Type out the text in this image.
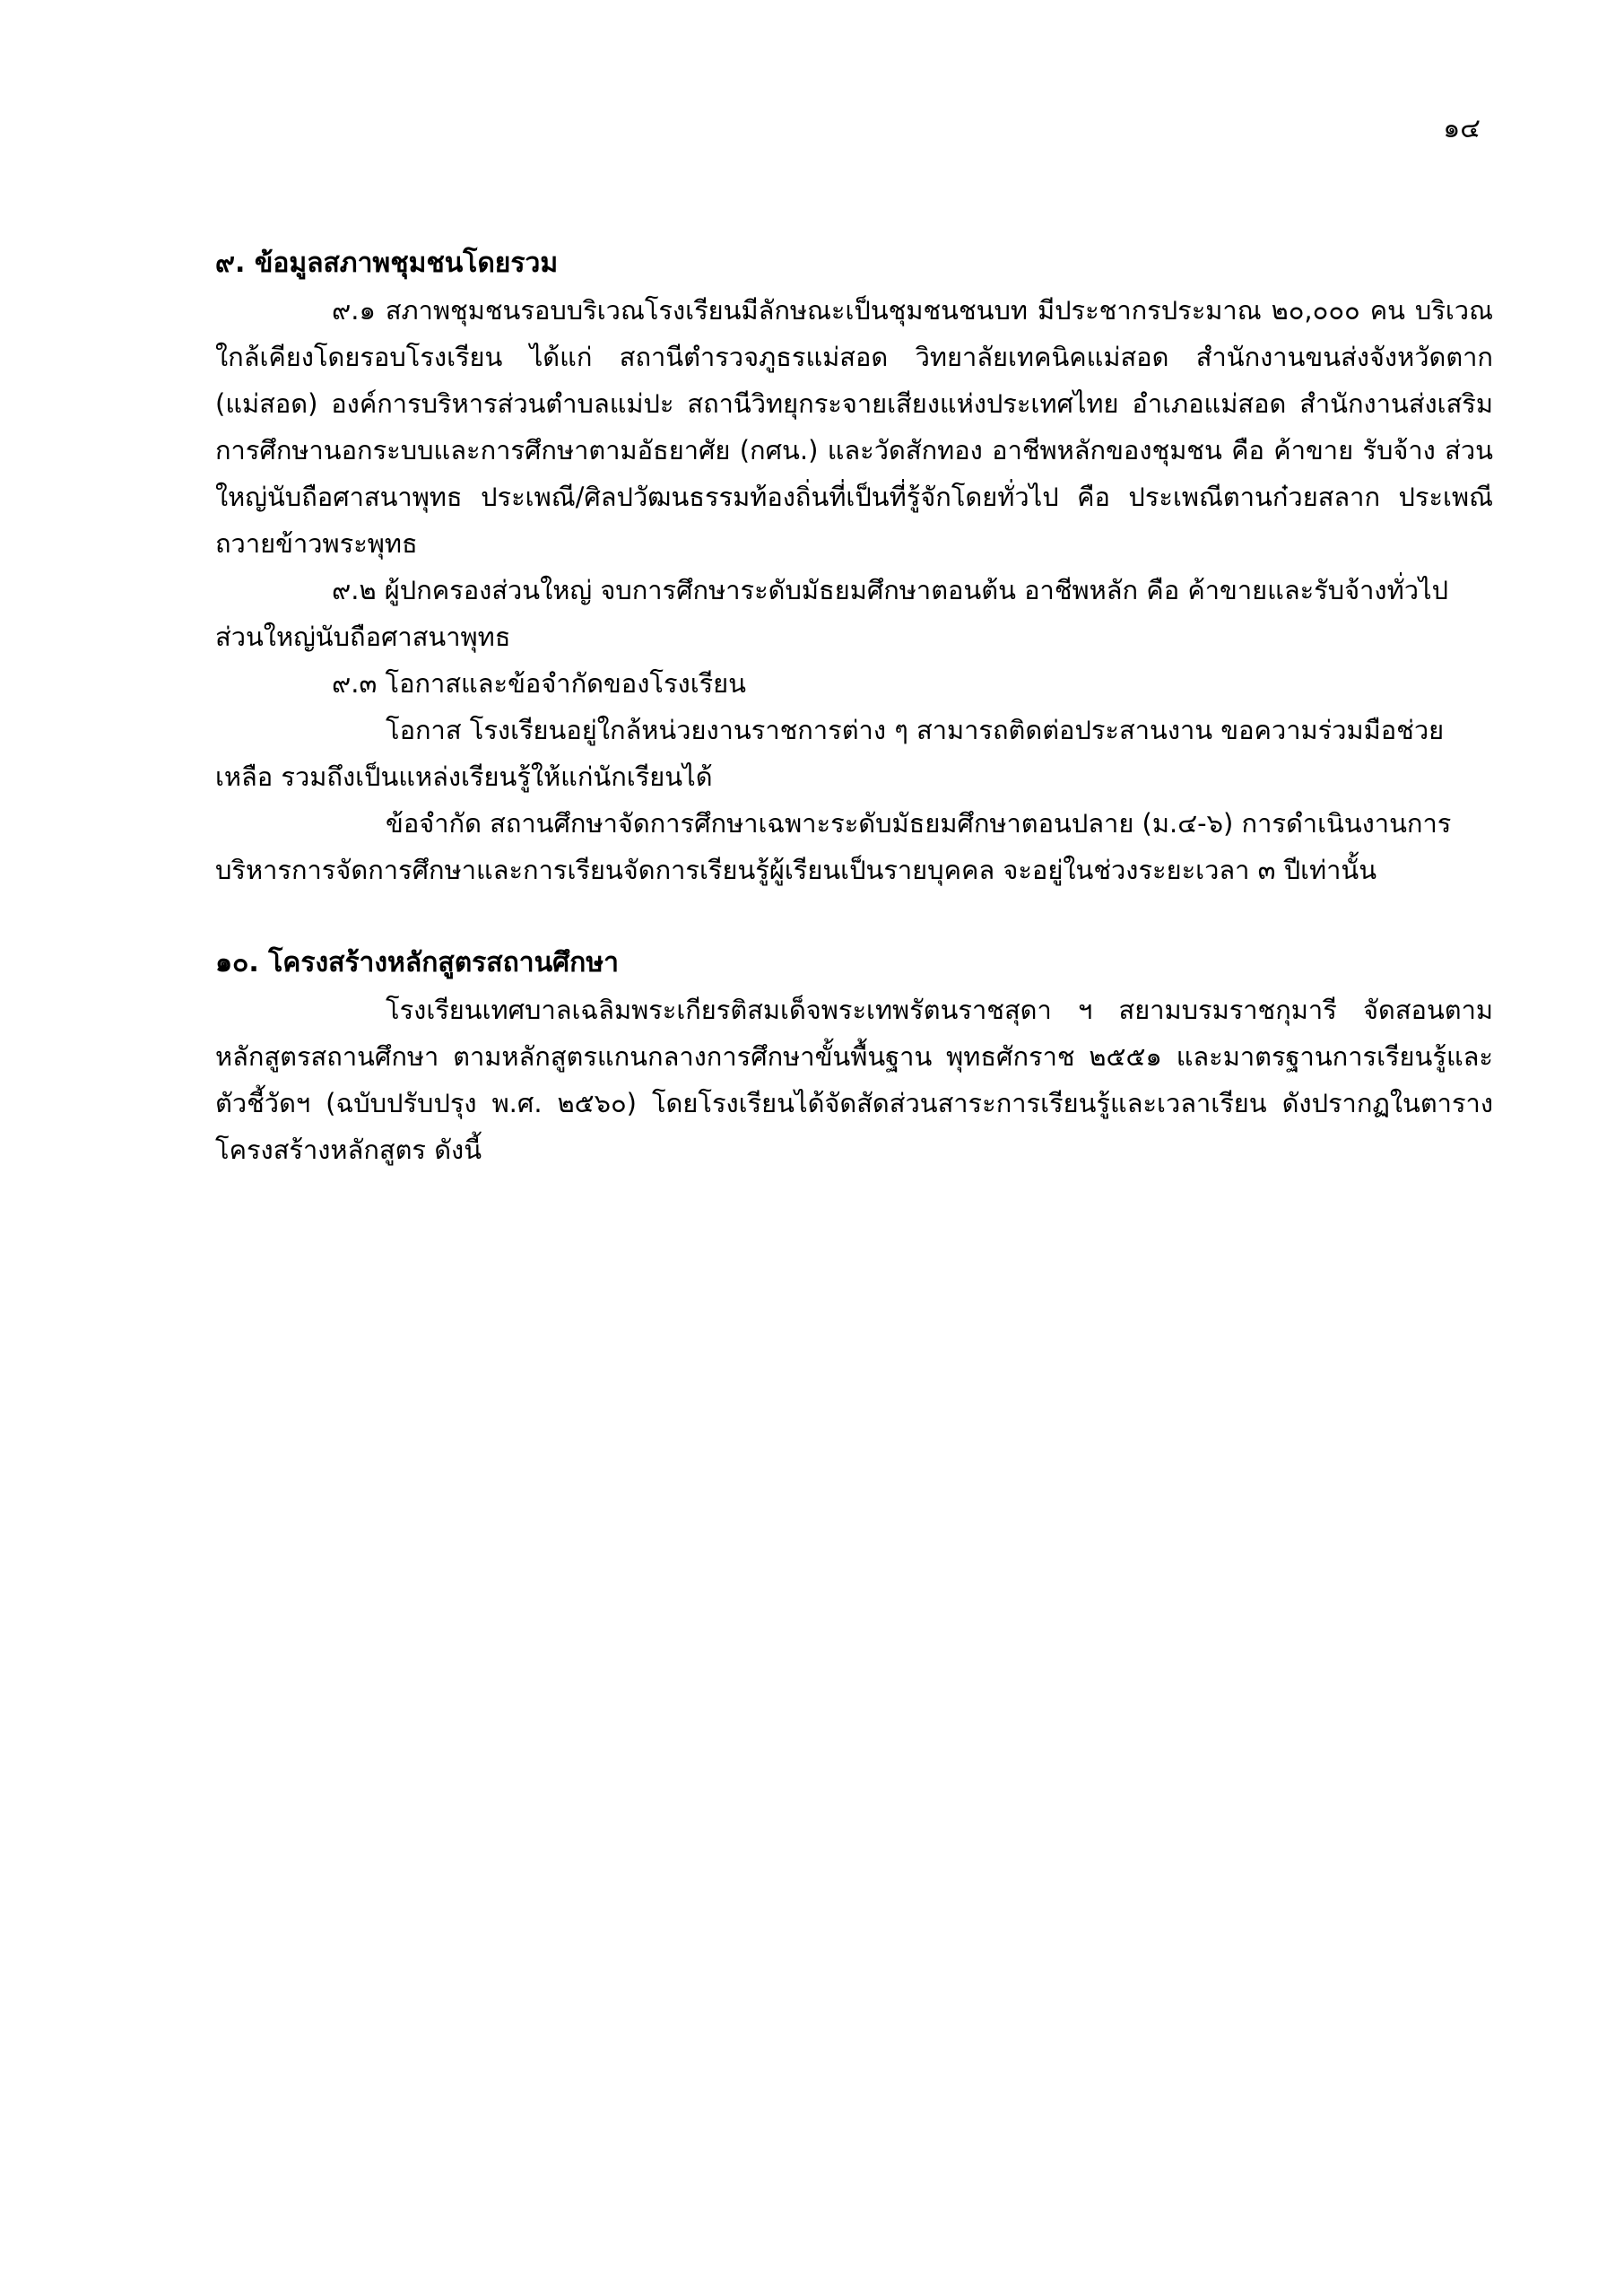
๑๔
๙. ข้อมูลสภาพชุมชนโดยรวม

๙.๑ สภาพชุมชนรอบบริเวณโรงเรียนมีลักษณะเป็นชุมชนชนบท มีประชากรประมาณ ๒๐,๐๐๐ คน บริเวณใกล้เคียงโดยรอบโรงเรียน ได้แก่ สถานีตำรวจภูธรแม่สอด วิทยาลัยเทคนิคแม่สอด สำนักงานขนส่งจังหวัดตาก (แม่สอด) องค์การบริหารส่วนตำบลแม่ปะ สถานีวิทยุกระจายเสียงแห่งประเทศไทย อำเภอแม่สอด สำนักงานส่งเสริมการศึกษานอกระบบและการศึกษาตามอัธยาศัย (กศน.) และวัดสักทอง อาชีพหลักของชุมชน คือ ค้าขาย รับจ้าง ส่วนใหญ่นับถือศาสนาพุทธ ประเพณี/ศิลปวัฒนธรรมท้องถิ่นที่เป็นที่รู้จักโดยทั่วไป คือ ประเพณีตานก๋วยสลาก ประเพณีถวายข้าวพระพุทธ

๙.๒ ผู้ปกครองส่วนใหญ่ จบการศึกษาระดับมัธยมศึกษาตอนต้น อาชีพหลัก คือ ค้าขายและรับจ้างทั่วไป ส่วนใหญ่นับถือศาสนาพุทธ

๙.๓ โอกาสและข้อจำกัดของโรงเรียน

โอกาส โรงเรียนอยู่ใกล้หน่วยงานราชการต่าง ๆ สามารถติดต่อประสานงาน ขอความร่วมมือช่วยเหลือ รวมถึงเป็นแหล่งเรียนรู้ให้แก่นักเรียนได้

ข้อจำกัด สถานศึกษาจัดการศึกษาเฉพาะระดับมัธยมศึกษาตอนปลาย (ม.๔-๖) การดำเนินงานการบริหารการจัดการศึกษาและการเรียนจัดการเรียนรู้ผู้เรียนเป็นรายบุคคล จะอยู่ในช่วงระยะเวลา ๓ ปีเท่านั้น

๑๐. โครงสร้างหลักสูตรสถานศึกษา

โรงเรียนเทศบาลเฉลิมพระเกียรติสมเด็จพระเทพรัตนราชสุดา ฯ สยามบรมราชกุมารี จัดสอนตามหลักสูตรสถานศึกษา ตามหลักสูตรแกนกลางการศึกษาขั้นพื้นฐาน พุทธศักราช ๒๕๕๑ และมาตรฐานการเรียนรู้และตัวชี้วัดฯ (ฉบับปรับปรุง พ.ศ. ๒๕๖๐) โดยโรงเรียนได้จัดสัดส่วนสาระการเรียนรู้และเวลาเรียน ดังปรากฏในตารางโครงสร้างหลักสูตร ดังนี้
